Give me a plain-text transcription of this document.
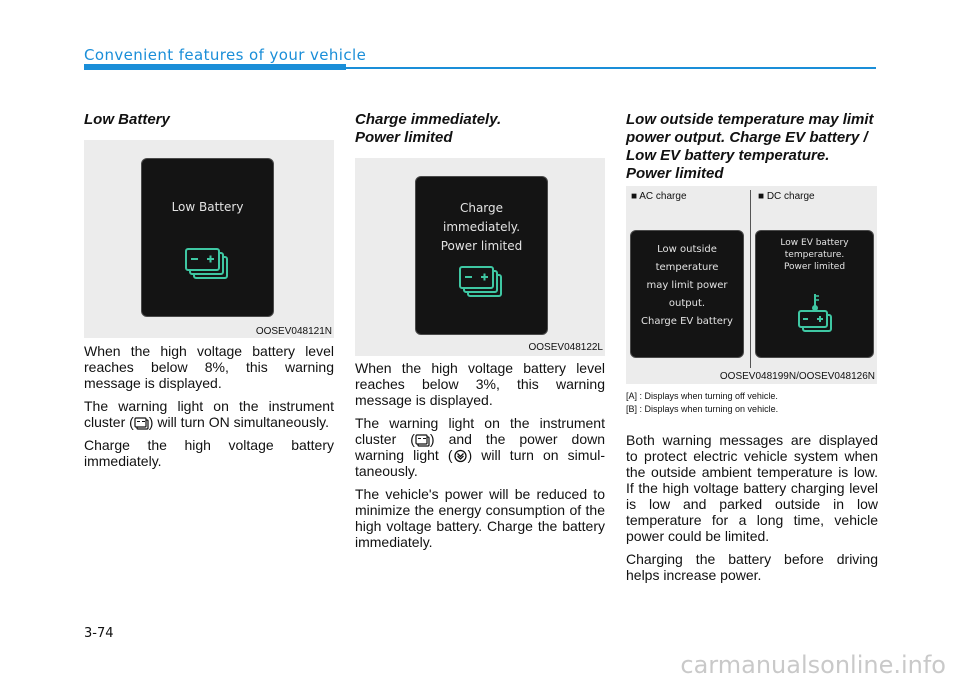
Convenient features of your vehicle
Low Battery
Low Battery
OOSEV048121N

When the high voltage battery level reaches below 8%, this warning message is displayed.

The warning light on the instrument cluster ( ) will turn ON simultaneously.

Charge the high voltage battery immediately.

Charge immediately.
Power limited
Charge
immediately.
Power limited
OOSEV048122L

When the high voltage battery level reaches below 3%, this warning message is displayed.

The warning light on the instrument cluster ( ) and the power down warning light ( ) will turn on simultaneously.

The vehicle's power will be reduced to minimize the energy consumption of the high voltage battery. Charge the battery immediately.

Low outside temperature may limit power output. Charge EV battery / Low EV battery temperature. Power limited
■ AC charge	■ DC charge
Low outside
temperature
may limit power
output.
Charge EV battery
Low EV battery
temperature.
Power limited
OOSEV048199N/OOSEV048126N
[A] : Displays when turning off vehicle.
[B] : Displays when turning on vehicle.

Both warning messages are displayed to protect electric vehicle system when the outside ambient temperature is low. If the high voltage battery charging level is low and parked outside in low temperature for a long time, vehicle power could be limited.

Charging the battery before driving helps increase power.

3-74
carmanualsonline.info
